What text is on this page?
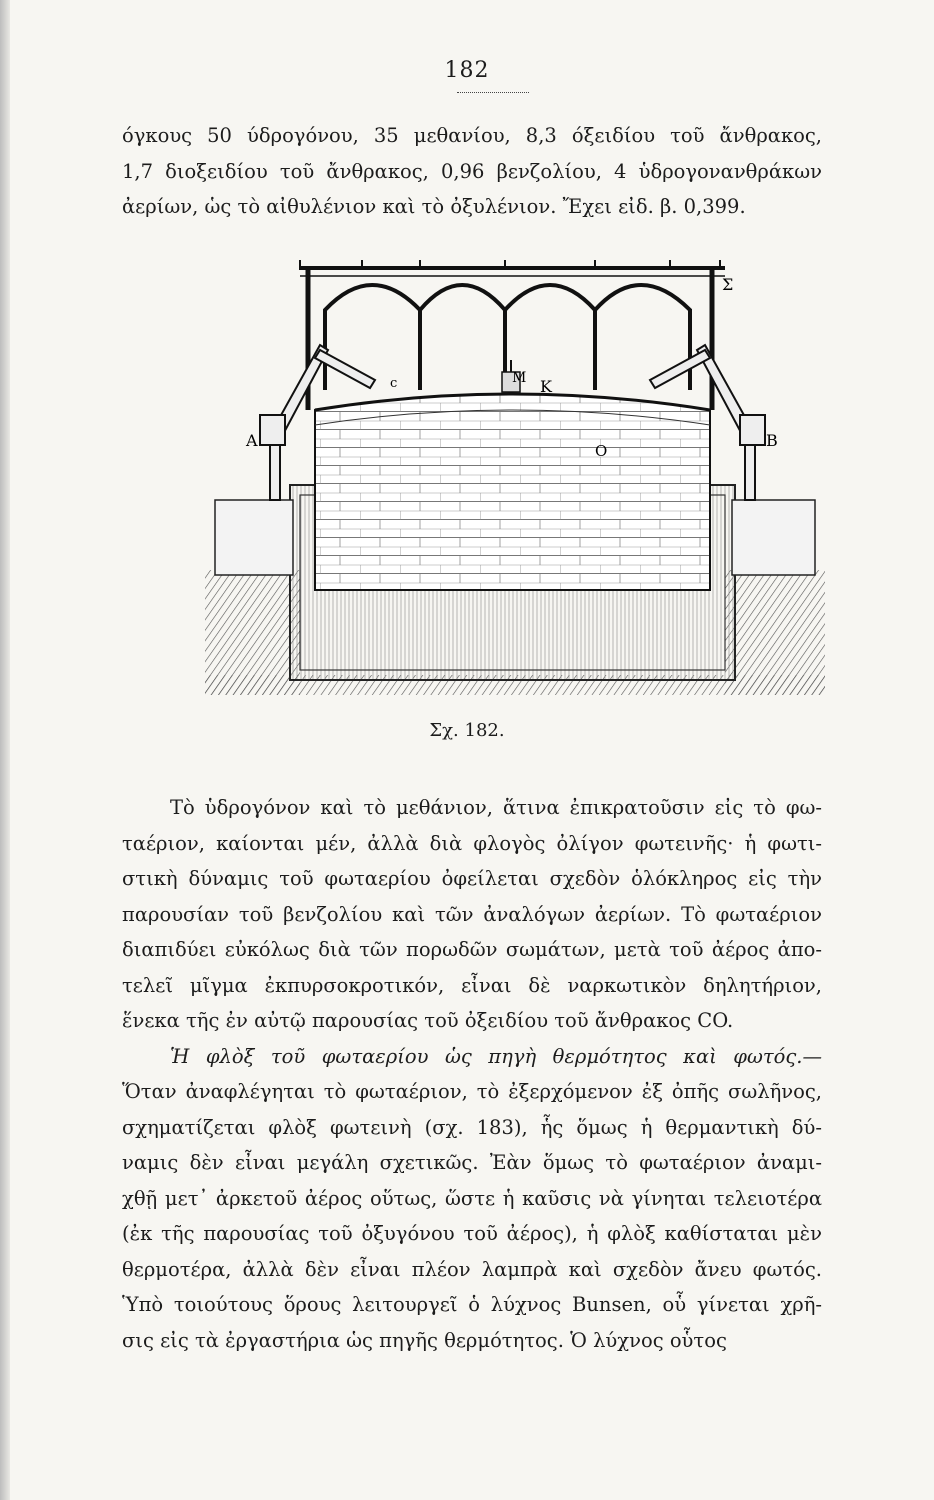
182
όγκους 50 ύδρογόνου, 35 μεθανίου, 8,3 όξειδίου τοῦ ἄνθρακος,
1,7 διοξειδίου τοῦ ἄνθρακος, 0,96 βενζολίου, 4 ὑδρογονανθράκων
ἀερίων, ὡς τὸ αἰθυλένιον καὶ τὸ ὀξυλένιον. Ἔχει εἰδ. β. 0,399.
Σ
Μ Κ
Ο
Α	Β
c
Σχ. 182.
Τὸ ὑδρογόνον καὶ τὸ μεθάνιον, ἅτινα ἐπικρατοῦσιν εἰς τὸ φω-
ταέριον, καίονται μέν, ἀλλὰ διὰ φλογὸς ὀλίγον φωτεινῆς· ἡ φωτι-
στικὴ δύναμις τοῦ φωταερίου ὀφείλεται σχεδὸν ὁλόκληρος εἰς τὴν
παρουσίαν τοῦ βενζολίου καὶ τῶν ἀναλόγων ἀερίων. Τὸ φωταέριον
διαπιδύει εὐκόλως διὰ τῶν πορωδῶν σωμάτων, μετὰ τοῦ ἀέρος ἀπο-
τελεῖ μῖγμα ἐκπυρσοκροτικόν, εἶναι δὲ ναρκωτικὸν δηλητήριον,
ἕνεκα τῆς ἐν αὐτῷ παρουσίας τοῦ ὀξειδίου τοῦ ἄνθρακος CO.
Ἡ φλὸξ τοῦ φωταερίου ὡς πηγὴ θερμότητος καὶ φωτός.—
Ὅταν ἀναφλέγηται τὸ φωταέριον, τὸ ἐξερχόμενον ἐξ ὀπῆς σωλῆνος,
σχηματίζεται φλὸξ φωτεινὴ (σχ. 183), ἧς ὅμως ἡ θερμαντικὴ δύ-
ναμις δὲν εἶναι μεγάλη σχετικῶς. Ἐὰν ὅμως τὸ φωταέριον ἀναμι-
χθῇ μετ᾽ ἀρκετοῦ ἀέρος οὕτως, ὥστε ἡ καῦσις νὰ γίνηται τελειοτέρα
(ἐκ τῆς παρουσίας τοῦ ὀξυγόνου τοῦ ἀέρος), ἡ φλὸξ καθίσταται μὲν
θερμοτέρα, ἀλλὰ δὲν εἶναι πλέον λαμπρὰ καὶ σχεδὸν ἄνευ φωτός.
Ὑπὸ τοιούτους ὅρους λειτουργεῖ ὁ λύχνος Bunsen, οὗ γίνεται χρῆ-
σις εἰς τὰ ἐργαστήρια ὡς πηγῆς θερμότητος. Ὁ λύχνος οὗτος
